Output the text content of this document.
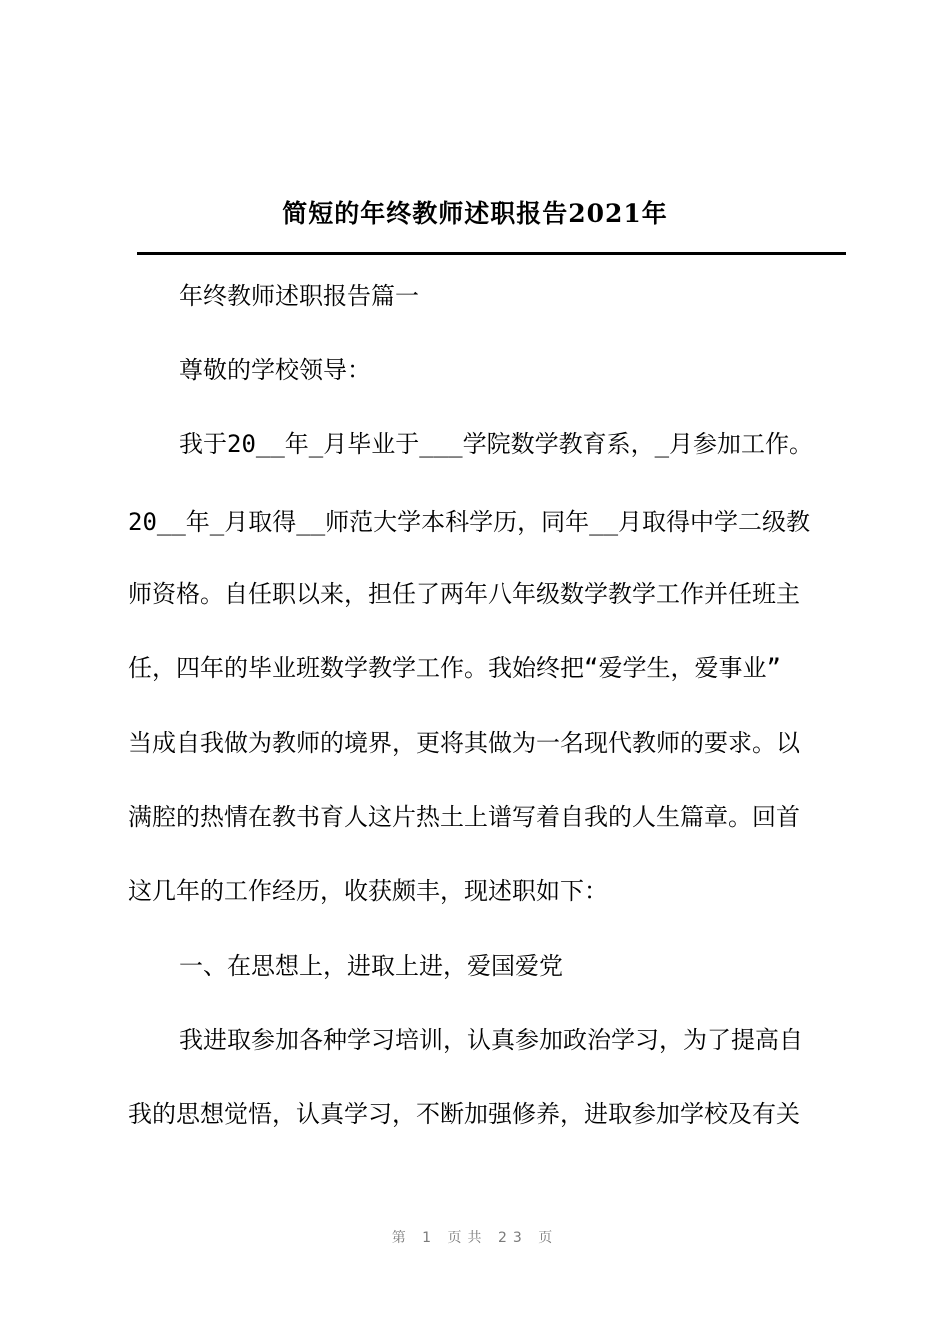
简短的年终教师述职报告2021年
年终教师述职报告篇一
尊敬的学校领导：
我于20__年_月毕业于___学院数学教育系，_月参加工作。
20__年_月取得__师范大学本科学历，同年__月取得中学二级教
师资格。自任职以来，担任了两年八年级数学教学工作并任班主
任，四年的毕业班数学教学工作。我始终把“爱学生，爱事业”
当成自我做为教师的境界，更将其做为一名现代教师的要求。以
满腔的热情在教书育人这片热土上谱写着自我的人生篇章。回首
这几年的工作经历，收获颇丰，现述职如下：
一、在思想上，进取上进，爱国爱党
我进取参加各种学习培训，认真参加政治学习，为了提高自
我的思想觉悟，认真学习，不断加强修养，进取参加学校及有关
第 1 页共 23 页
